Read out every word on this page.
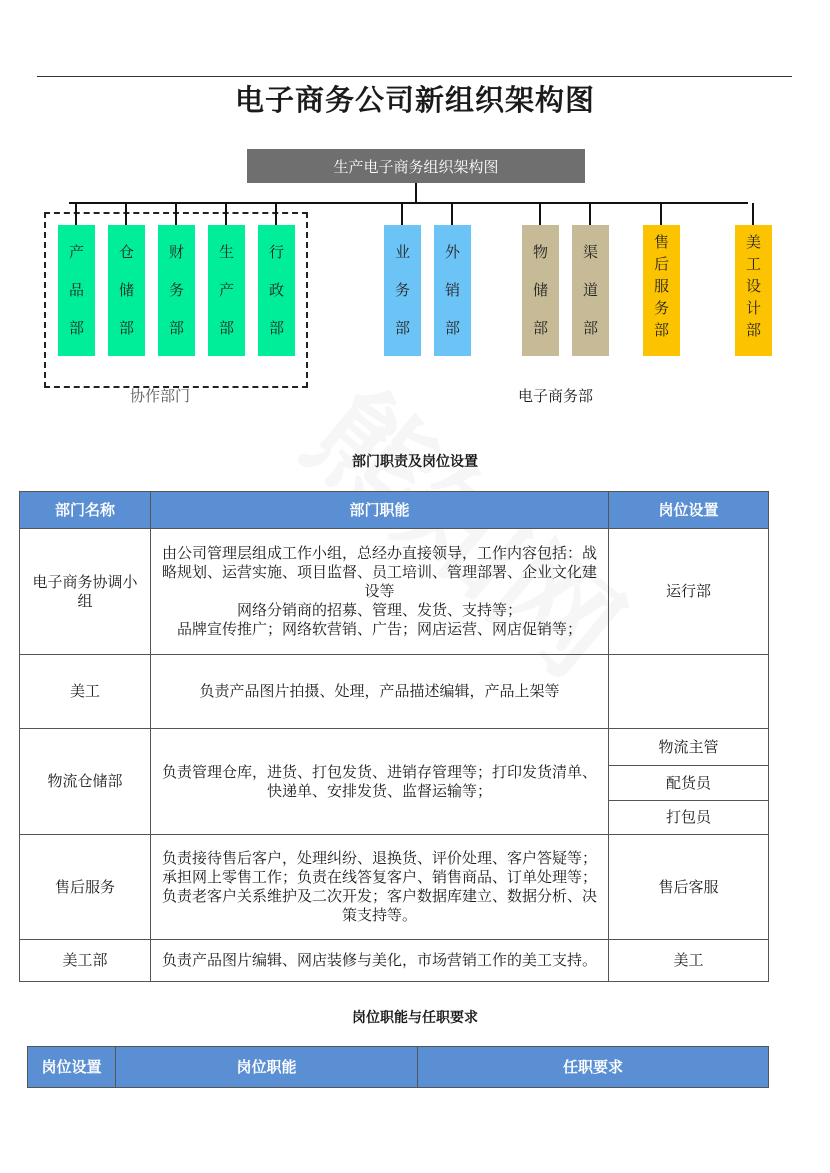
电子商务公司新组织架构图
生产电子商务组织架构图
产
品
部
仓
储
部
财
务
部
生
产
部
行
政
部
业
务
部
外
销
部
物
储
部
渠
道
部
售
后
服
务
部
美
工
设
计
部
协作部门	电子商务部
部门职责及岗位设置
部门名称	部门职能	岗位设置
电子商务协调小组	由公司管理层组成工作小组，总经办直接领导，工作内容包括：战略规划、运营实施、项目监督、员工培训、管理部署、企业文化建设等
网络分销商的招募、管理、发货、支持等；
品牌宣传推广；网络软营销、广告；网店运营、网店促销等；	运行部
美工	负责产品图片拍摄、处理，产品描述编辑，产品上架等	

物流仓储部	负责管理仓库，进货、打包发货、进销存管理等；打印发货清单、快递单、安排发货、监督运输等；	物流主管
		配货员
		打包员
售后服务	负责接待售后客户，处理纠纷、退换货、评价处理、客户答疑等；承担网上零售工作；负责在线答复客户、销售商品、订单处理等；负责老客户关系维护及二次开发；客户数据库建立、数据分析、决策支持等。	售后客服
美工部	负责产品图片编辑、网店装修与美化，市场营销工作的美工支持。	美工
岗位职能与任职要求
岗位设置	岗位职能	任职要求
